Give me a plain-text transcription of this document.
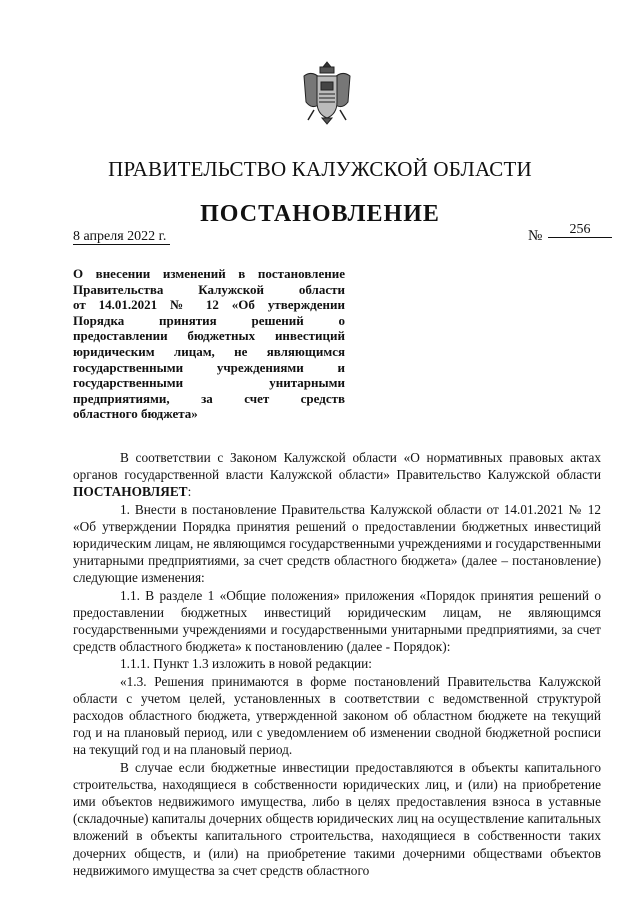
ПРАВИТЕЛЬСТВО КАЛУЖСКОЙ ОБЛАСТИ
ПОСТАНОВЛЕНИЕ
8 апреля 2022 г.	№	256
О внесении изменений в постановление
Правительства Калужской области
от 14.01.2021 № 12 «Об утверждении
Порядка принятия решений о
предоставлении бюджетных инвестиций
юридическим лицам, не являющимся
государственными учреждениями и
государственными унитарными
предприятиями, за счет средств
областного бюджета»

В соответствии с Законом Калужской области «О нормативных правовых актах органов государственной власти Калужской области» Правительство Калужской области ПОСТАНОВЛЯЕТ:

1. Внести в постановление Правительства Калужской области от 14.01.2021 № 12 «Об утверждении Порядка принятия решений о предоставлении бюджетных инвестиций юридическим лицам, не являющимся государственными учреждениями и государственными унитарными предприятиями, за счет средств областного бюджета» (далее – постановление) следующие изменения:

1.1. В разделе 1 «Общие положения» приложения «Порядок принятия решений о предоставлении бюджетных инвестиций юридическим лицам, не являющимся государственными учреждениями и государственными унитарными предприятиями, за счет средств областного бюджета» к постановлению (далее - Порядок):

1.1.1. Пункт 1.3 изложить в новой редакции:

«1.3. Решения принимаются в форме постановлений Правительства Калужской области с учетом целей, установленных в соответствии с ведомственной структурой расходов областного бюджета, утвержденной законом об областном бюджете на текущий год и на плановый период, или с уведомлением об изменении сводной бюджетной росписи на текущий год и на плановый период.

В случае если бюджетные инвестиции предоставляются в объекты капитального строительства, находящиеся в собственности юридических лиц, и (или) на приобретение ими объектов недвижимого имущества, либо в целях предоставления взноса в уставные (складочные) капиталы дочерних обществ юридических лиц на осуществление капитальных вложений в объекты капитального строительства, находящиеся в собственности таких дочерних обществ, и (или) на приобретение такими дочерними обществами объектов недвижимого имущества за счет средств областного
